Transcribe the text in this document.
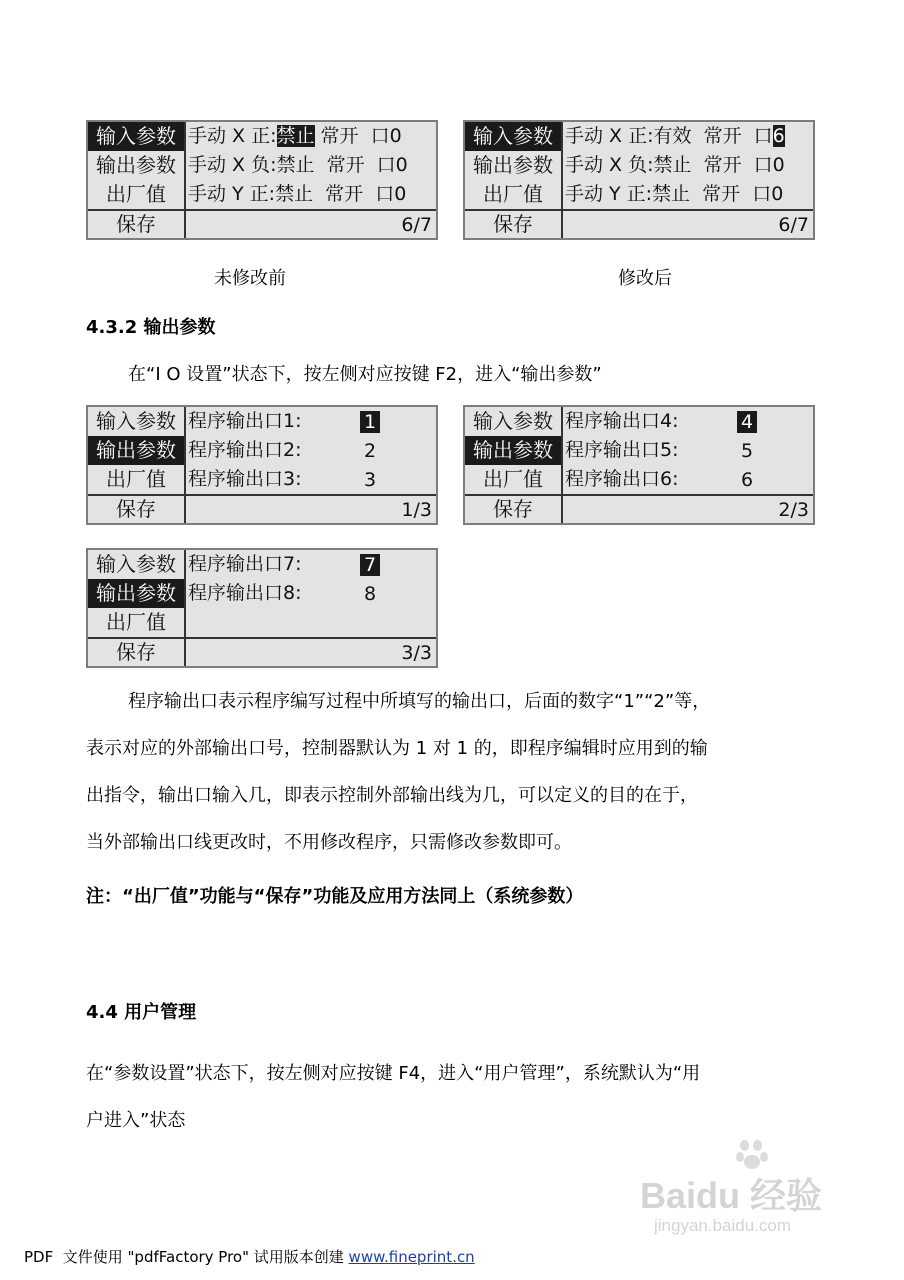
输入参数
输出参数
出厂值
保存
手动 X 正:禁止 常开  口0
手动 X 负:禁止  常开  口0
手动 Y 正:禁止  常开  口0
6/7
输入参数
输出参数
出厂值
保存
手动 X 正:有效  常开  口6
手动 X 负:禁止  常开  口0
手动 Y 正:禁止  常开  口0
6/7
未修改前	修改后
4.3.2 输出参数
在“I O 设置”状态下，按左侧对应按键 F2，进入“输出参数”
输入参数
输出参数
出厂值
保存
程序输出口1:
程序输出口2:
程序输出口3:
1
2
3
1/3
输入参数
输出参数
出厂值
保存
程序输出口4:
程序输出口5:
程序输出口6:
4
5
6
2/3
输入参数
输出参数
出厂值
保存
程序输出口7:
程序输出口8:
7
8
3/3
程序输出口表示程序编写过程中所填写的输出口，后面的数字“1”“2”等，
表示对应的外部输出口号，控制器默认为 1 对 1 的，即程序编辑时应用到的输
出指令，输出口输入几，即表示控制外部输出线为几，可以定义的目的在于，
当外部输出口线更改时，不用修改程序，只需修改参数即可。
注：“出厂值”功能与“保存”功能及应用方法同上（系统参数）
4.4 用户管理
在“参数设置”状态下，按左侧对应按键 F4，进入“用户管理”，系统默认为“用
户进入”状态
Baidu 经验
jingyan.baidu.com
PDF  文件使用 "pdfFactory Pro" 试用版本创建 www.fineprint.cn
